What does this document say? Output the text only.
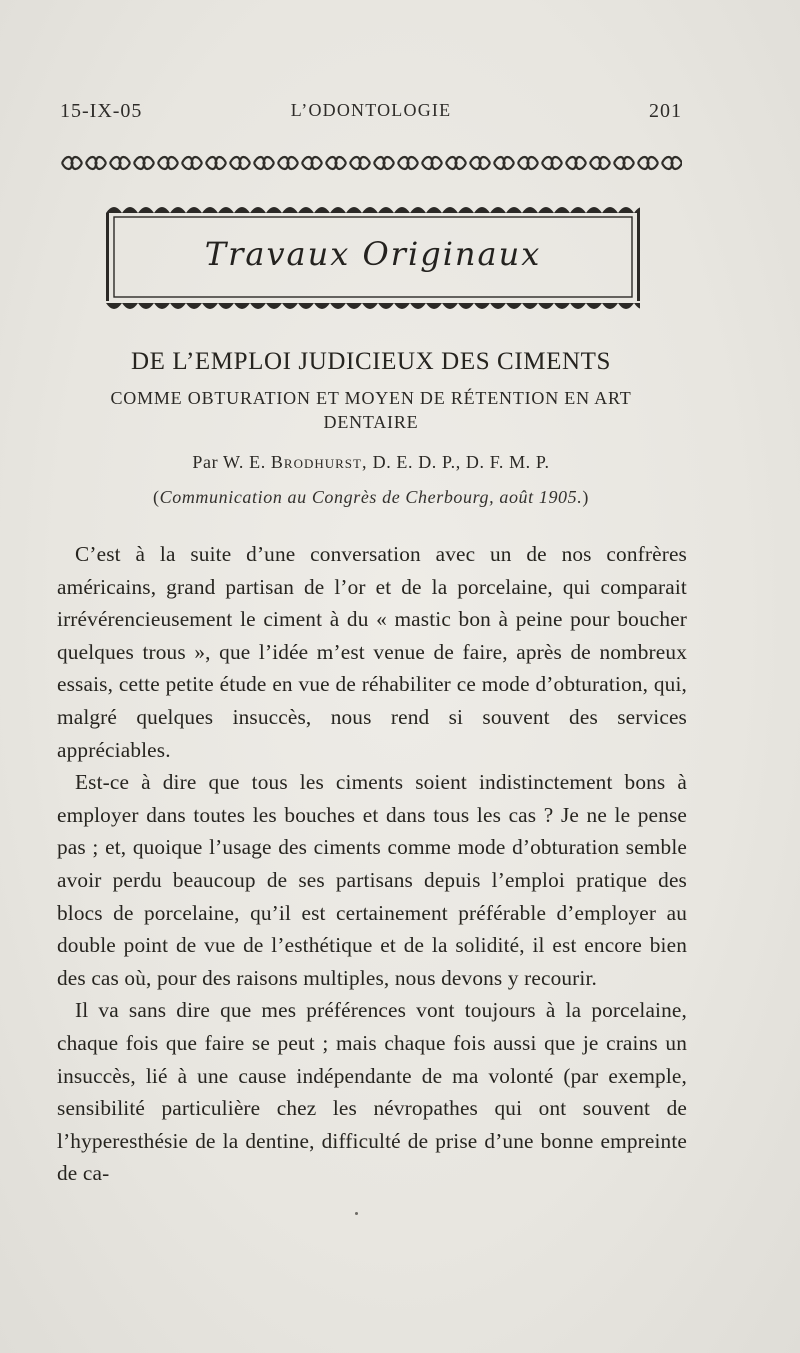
15-IX-05	L’ODONTOLOGIE	201
Travaux Originaux
DE L’EMPLOI JUDICIEUX DES CIMENTS
COMME OBTURATION ET MOYEN DE RÉTENTION EN ART
DENTAIRE
Par W. E. Brodhurst, D. E. D. P., D. F. M. P.
(Communication au Congrès de Cherbourg, août 1905.)

C’est à la suite d’une conversation avec un de nos confrères américains, grand partisan de l’or et de la porcelaine, qui comparait irrévérencieusement le ciment à du « mastic bon à peine pour boucher quelques trous », que l’idée m’est venue de faire, après de nombreux essais, cette petite étude en vue de réhabiliter ce mode d’obturation, qui, malgré quelques insuccès, nous rend si souvent des services appréciables.

Est-ce à dire que tous les ciments soient indistinctement bons à employer dans toutes les bouches et dans tous les cas ? Je ne le pense pas ; et, quoique l’usage des ciments comme mode d’obturation semble avoir perdu beaucoup de ses partisans depuis l’emploi pratique des blocs de porcelaine, qu’il est certainement préférable d’employer au double point de vue de l’esthétique et de la solidité, il est encore bien des cas où, pour des raisons multiples, nous devons y recourir.

Il va sans dire que mes préférences vont toujours à la porcelaine, chaque fois que faire se peut ; mais chaque fois aussi que je crains un insuccès, lié à une cause indépendante de ma volonté (par exemple, sensibilité particulière chez les névropathes qui ont souvent de l’hyperesthésie de la dentine, difficulté de prise d’une bonne empreinte de ca-
